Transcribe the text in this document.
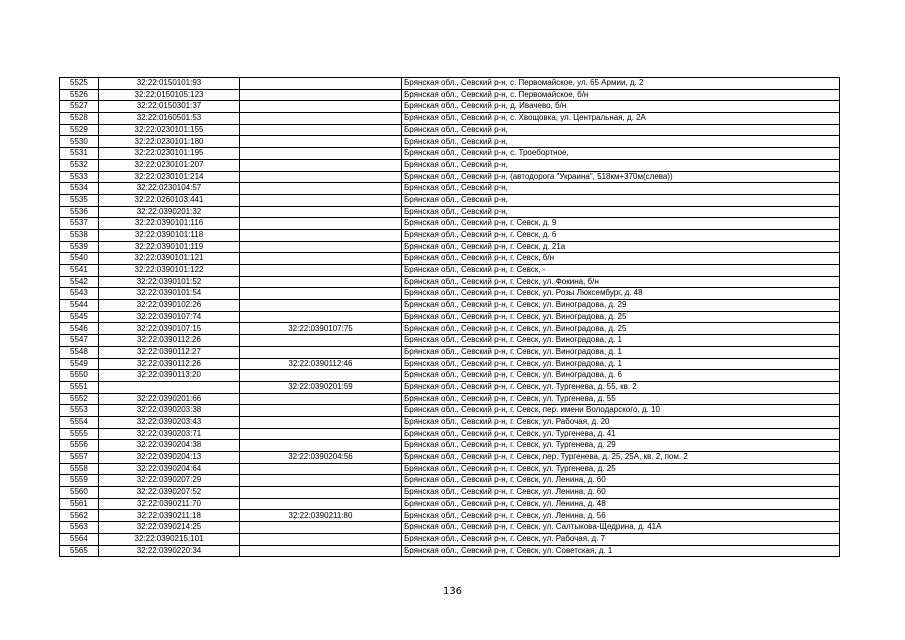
5525	32:22:0150101:93		Брянская обл., Севский р-н, с. Первомайское, ул. 65 Армии, д. 2
5526	32:22:0150105:123		Брянская обл., Севский р-н, с. Первомайское, б/н
5527	32:22:0150301:37		Брянская обл., Севский р-н, д. Ивачево, б/н
5528	32:22:0160501:53		Брянская обл., Севский р-н, с. Хвощовка, ул. Центральная, д. 2А
5529	32:22:0230101:155		Брянская обл., Севский р-н,
5530	32:22:0230101:180		Брянская обл., Севский р-н,
5531	32:22:0230101:195		Брянская обл., Севский р-н, с. Троебортное,
5532	32:22:0230101:207		Брянская обл., Севский р-н,
5533	32:22:0230101:214		Брянская обл., Севский р-н, (автодорога "Украина", 518км+370м(слева))
5534	32:22:0230104:57		Брянская обл., Севский р-н,
5535	32:22:0260103:441		Брянская обл., Севский р-н,
5536	32:22:0390201:32		Брянская обл., Севский р-н,
5537	32:22:0390101:116		Брянская обл., Севский р-н, г. Севск, д. 9
5538	32:22:0390101:118		Брянская обл., Севский р-н, г. Севск, д. 6
5539	32:22:0390101:119		Брянская обл., Севский р-н, г. Севск, д. 21а
5540	32:22:0390101:121		Брянская обл., Севский р-н, г. Севск, б/н
5541	32:22:0390101:122		Брянская обл., Севский р-н, г. Севск, -
5542	32:22:0390101:52		Брянская обл., Севский р-н, г. Севск, ул. Фокина, б/н
5543	32:22:0390101:54		Брянская обл., Севский р-н, г. Севск, ул. Розы Люксембург, д. 48
5544	32:22:0390102:26		Брянская обл., Севский р-н, г. Севск, ул. Виноградова, д. 29
5545	32:22:0390107:74		Брянская обл., Севский р-н, г. Севск, ул. Виноградова, д. 25
5546	32:22:0390107:15	32:22:0390107:75	Брянская обл., Севский р-н, г. Севск, ул. Виноградова, д. 25
5547	32:22:0390112:26		Брянская обл., Севский р-н, г. Севск, ул. Виноградова, д. 1
5548	32:22:0390112:27		Брянская обл., Севский р-н, г. Севск, ул. Виноградова, д. 1
5549	32:22:0390112:26	32:22:0390112:46	Брянская обл., Севский р-н, г. Севск, ул. Виноградова, д. 1
5550	32:22:0390113:20		Брянская обл., Севский р-н, г. Севск, ул. Виноградова, д. 6
5551		32:22:0390201:59	Брянская обл., Севский р-н, г. Севск, ул. Тургенева, д. 55, кв. 2
5552	32:22:0390201:66		Брянская обл., Севский р-н, г. Севск, ул. Тургенева, д. 55
5553	32:22:0390203:38		Брянская обл., Севский р-н, г. Севск, пер. имени Володарского, д. 10
5554	32:22:0390203:43		Брянская обл., Севский р-н, г. Севск, ул. Рабочая, д. 20
5555	32:22:0390203:71		Брянская обл., Севский р-н, г. Севск, ул. Тургенева, д. 41
5556	32:22:0390204:38		Брянская обл., Севский р-н, г. Севск, ул. Тургенева, д. 29
5557	32:22:0390204:13	32:22:0390204:56	Брянская обл., Севский р-н, г. Севск, пер. Тургенева, д. 25, 25А, кв. 2, пом. 2
5558	32:22:0390204:64		Брянская обл., Севский р-н, г. Севск, ул. Тургенева, д. 25
5559	32:22:0390207:29		Брянская обл., Севский р-н, г. Севск, ул. Ленина, д. 60
5560	32:22:0390207:52		Брянская обл., Севский р-н, г. Севск, ул. Ленина, д. 60
5561	32:22:0390211:70		Брянская обл., Севский р-н, г. Севск, ул. Ленина, д. 48
5562	32:22:0390211:18	32:22:0390211:80	Брянская обл., Севский р-н, г. Севск, ул. Ленина, д. 56
5563	32:22:0390214:25		Брянская обл., Севский р-н, г. Севск, ул. Салтыкова-Щедрина, д. 41А
5564	32:22:0390215:101		Брянская обл., Севский р-н, г. Севск, ул. Рабочая, д. 7
5565	32:22:0390220:34		Брянская обл., Севский р-н, г. Севск, ул. Советская, д. 1
136
